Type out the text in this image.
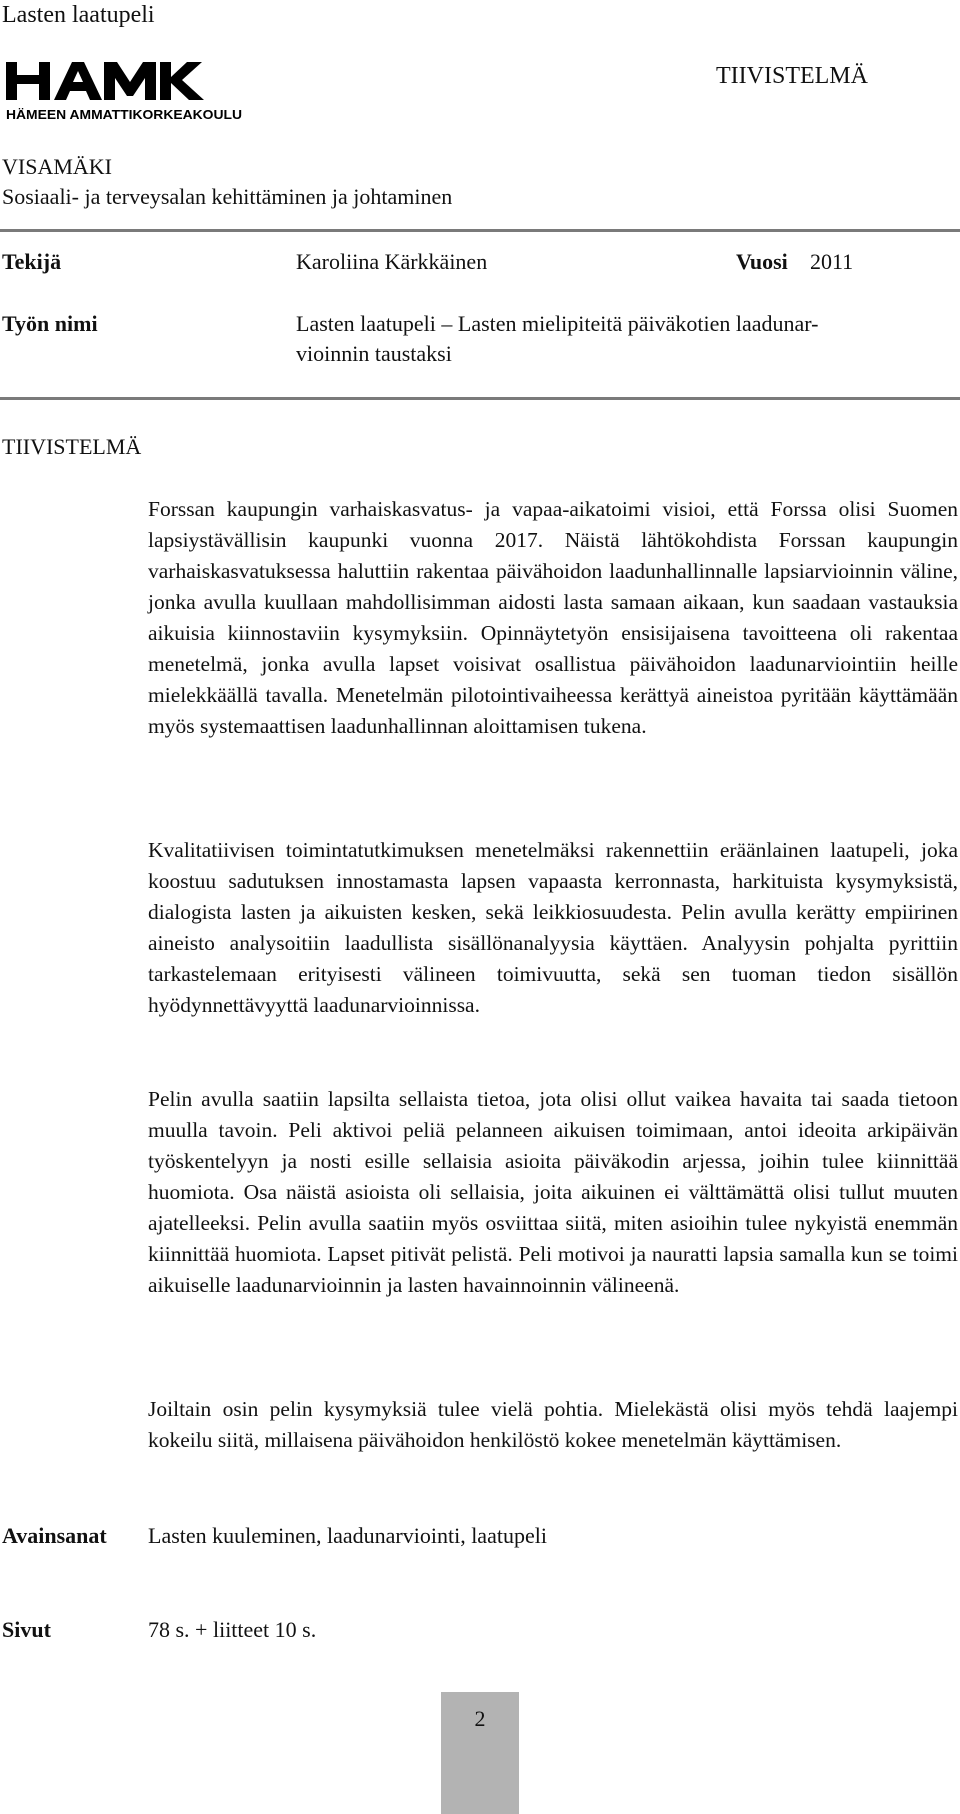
Lasten laatupeli
HÄMEEN AMMATTIKORKEAKOULU
TIIVISTELMÄ
VISAMÄKI
Sosiaali- ja terveysalan kehittäminen ja johtaminen
Tekijä	Karoliina Kärkkäinen	Vuosi 2011
Työn nimi	Lasten laatupeli – Lasten mielipiteitä päiväkotien laadunar-
vioinnin taustaksi
TIIVISTELMÄ
Forssan kaupungin varhaiskasvatus- ja vapaa-aikatoimi visioi, että Forssa olisi Suomen lapsiystävällisin kaupunki vuonna 2017. Näistä lähtökohdista Forssan kaupungin varhaiskasvatuksessa haluttiin rakentaa päivähoidon laadunhallinnalle lapsiarvioinnin väline, jonka avulla kuullaan mahdollisimman aidosti lasta samaan aikaan, kun saadaan vastauksia aikuisia kiinnostaviin kysymyksiin. Opinnäytetyön ensisijaisena tavoitteena oli rakentaa menetelmä, jonka avulla lapset voisivat osallistua päivähoidon laadunarviointiin heille mielekkäällä tavalla. Menetelmän pilotointivaiheessa kerättyä aineistoa pyritään käyttämään myös systemaattisen laadunhallinnan aloittamisen tukena.
Kvalitatiivisen toimintatutkimuksen menetelmäksi rakennettiin eräänlainen laatupeli, joka koostuu sadutuksen innostamasta lapsen vapaasta kerronnasta, harkituista kysymyksistä, dialogista lasten ja aikuisten kesken, sekä leikkiosuudesta. Pelin avulla kerätty empiirinen aineisto analysoitiin laadullista sisällönanalyysia käyttäen. Analyysin pohjalta pyrittiin tarkastelemaan erityisesti välineen toimivuutta, sekä sen tuoman tiedon sisällön hyödynnettävyyttä laadunarvioinnissa.
Pelin avulla saatiin lapsilta sellaista tietoa, jota olisi ollut vaikea havaita tai saada tietoon muulla tavoin. Peli aktivoi peliä pelanneen aikuisen toimimaan, antoi ideoita arkipäivän työskentelyyn ja nosti esille sellaisia asioita päiväkodin arjessa, joihin tulee kiinnittää huomiota. Osa näistä asioista oli sellaisia, joita aikuinen ei välttämättä olisi tullut muuten ajatelleeksi. Pelin avulla saatiin myös osviittaa siitä, miten asioihin tulee nykyistä enemmän kiinnittää huomiota. Lapset pitivät pelistä. Peli motivoi ja nauratti lapsia samalla kun se toimi aikuiselle laadunarvioinnin ja lasten havainnoinnin välineenä.
Joiltain osin pelin kysymyksiä tulee vielä pohtia. Mielekästä olisi myös tehdä laajempi kokeilu siitä, millaisena päivähoidon henkilöstö kokee menetelmän käyttämisen.
Avainsanat Lasten kuuleminen, laadunarviointi, laatupeli
Sivut	78 s. + liitteet 10 s.
2
